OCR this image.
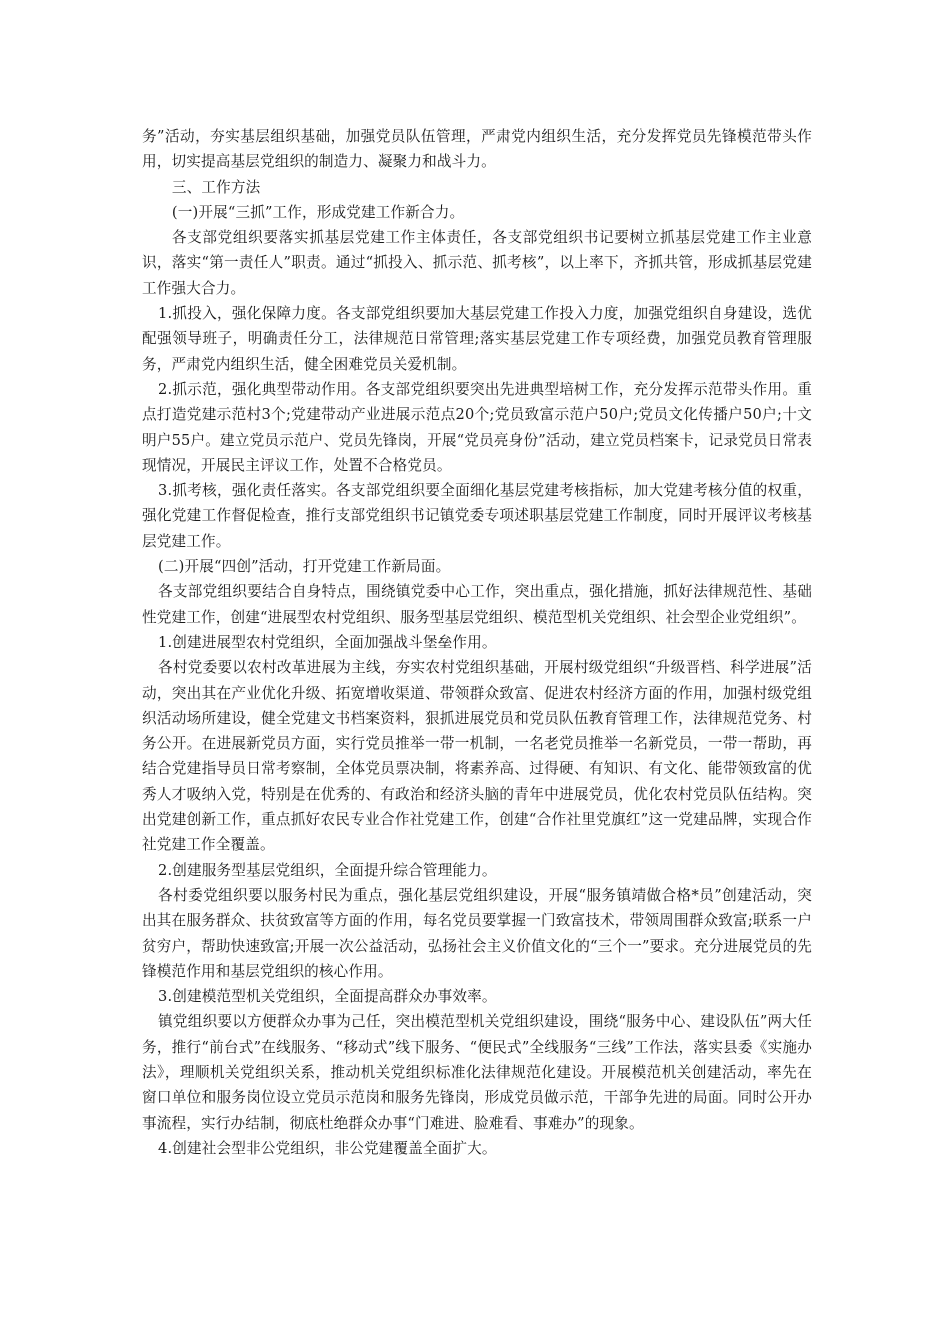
务”活动，夯实基层组织基础，加强党员队伍管理，严肃党内组织生活，充分发挥党员先锋模范带头作用，切实提高基层党组织的制造力、凝聚力和战斗力。

三、工作方法

(一)开展“三抓”工作，形成党建工作新合力。

各支部党组织要落实抓基层党建工作主体责任，各支部党组织书记要树立抓基层党建工作主业意识，落实“第一责任人”职责。通过“抓投入、抓示范、抓考核”，以上率下，齐抓共管，形成抓基层党建工作强大合力。

1.抓投入，强化保障力度。各支部党组织要加大基层党建工作投入力度，加强党组织自身建设，选优配强领导班子，明确责任分工，法律规范日常管理;落实基层党建工作专项经费，加强党员教育管理服务，严肃党内组织生活，健全困难党员关爱机制。

2.抓示范，强化典型带动作用。各支部党组织要突出先进典型培树工作，充分发挥示范带头作用。重点打造党建示范村3个;党建带动产业进展示范点20个;党员致富示范户50户;党员文化传播户50户;十文明户55户。建立党员示范户、党员先锋岗，开展“党员亮身份”活动，建立党员档案卡，记录党员日常表现情况，开展民主评议工作，处置不合格党员。

3.抓考核，强化责任落实。各支部党组织要全面细化基层党建考核指标，加大党建考核分值的权重，强化党建工作督促检查，推行支部党组织书记镇党委专项述职基层党建工作制度，同时开展评议考核基层党建工作。

(二)开展“四创”活动，打开党建工作新局面。

各支部党组织要结合自身特点，围绕镇党委中心工作，突出重点，强化措施，抓好法律规范性、基础性党建工作，创建“进展型农村党组织、服务型基层党组织、模范型机关党组织、社会型企业党组织”。

1.创建进展型农村党组织，全面加强战斗堡垒作用。

各村党委要以农村改革进展为主线，夯实农村党组织基础，开展村级党组织“升级晋档、科学进展”活动，突出其在产业优化升级、拓宽增收渠道、带领群众致富、促进农村经济方面的作用，加强村级党组织活动场所建设，健全党建文书档案资料，狠抓进展党员和党员队伍教育管理工作，法律规范党务、村务公开。在进展新党员方面，实行党员推举一带一机制，一名老党员推举一名新党员，一带一帮助，再结合党建指导员日常考察制，全体党员票决制，将素养高、过得硬、有知识、有文化、能带领致富的优秀人才吸纳入党，特别是在优秀的、有政治和经济头脑的青年中进展党员，优化农村党员队伍结构。突出党建创新工作，重点抓好农民专业合作社党建工作，创建“合作社里党旗红”这一党建品牌，实现合作社党建工作全覆盖。

2.创建服务型基层党组织，全面提升综合管理能力。

各村委党组织要以服务村民为重点，强化基层党组织建设，开展“服务镇靖做合格*员”创建活动，突出其在服务群众、扶贫致富等方面的作用，每名党员要掌握一门致富技术，带领周围群众致富;联系一户贫穷户，帮助快速致富;开展一次公益活动，弘扬社会主义价值文化的“三个一”要求。充分进展党员的先锋模范作用和基层党组织的核心作用。

3.创建模范型机关党组织，全面提高群众办事效率。

镇党组织要以方便群众办事为己任，突出模范型机关党组织建设，围绕“服务中心、建设队伍”两大任务，推行“前台式”在线服务、“移动式”线下服务、“便民式”全线服务“三线”工作法，落实县委《实施办法》，理顺机关党组织关系，推动机关党组织标准化法律规范化建设。开展模范机关创建活动，率先在窗口单位和服务岗位设立党员示范岗和服务先锋岗，形成党员做示范，干部争先进的局面。同时公开办事流程，实行办结制，彻底杜绝群众办事“门难进、脸难看、事难办”的现象。

4.创建社会型非公党组织，非公党建覆盖全面扩大。
